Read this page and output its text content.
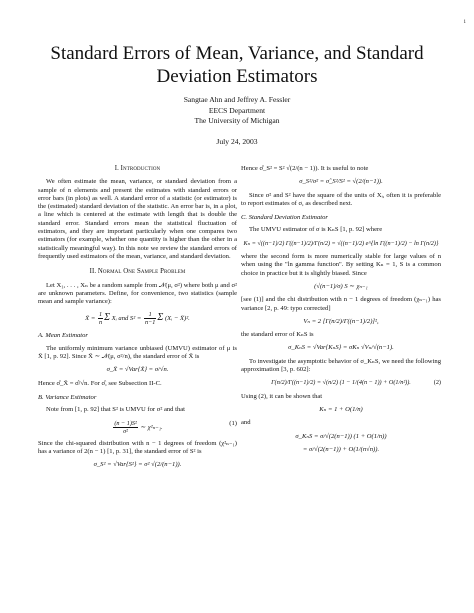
1
Standard Errors of Mean, Variance, and Standard Deviation Estimators
Sangtae Ahn and Jeffrey A. Fessler
EECS Department
The University of Michigan
July 24, 2003
I. Introduction

We often estimate the mean, variance, or standard deviation from a sample of n elements and present the estimates with standard errors or error bars (in plots) as well. A standard error of a statistic (or estimator) is the (estimated) standard deviation of the statistic. An error bar is, in a plot, a line which is centered at the estimate with length that is double the standard error. Standard errors mean the statistical fluctuation of estimators, and they are important particularly when one compares two estimators (for example, whether one quantity is higher than the other in a statistically meaningful way). In this note we review the standard errors of frequently used estimators of the mean, variance, and standard deviation.

II. Normal One Sample Problem

Let X₁, . . . , Xₙ be a random sample from 𝒩(μ, σ²) where both μ and σ² are unknown parameters. Define, for convenience, two statistics (sample mean and sample variance):

X̄ = $\frac{1}{n}$ Σ Xᵢ and $S^2 = \frac{1}{n-1}$ Σ (Xᵢ − X̄)².
A. Mean Estimator

The uniformly minimum variance unbiased (UMVU) estimator of μ is X̄ [1, p. 92]. Since X̄ ∼ 𝒩(μ, σ²/n), the standard error of X̄ is

σ_X̄ = √Var{X̄} = σ/√n.

Hence σ̂_X̄ = σ̂/√n. For σ̂, see Subsection II-C.

B. Variance Estimator

Note from [1, p. 92] that S² is UMVU for σ² and that

$\frac{\text{(n − 1)S²}}{\text{σ²}}$ ∼ χ²ₙ₋₁.
(1)

Since the chi-squared distribution with n − 1 degrees of freedom (χ²ₙ₋₁) has a variance of 2(n − 1) [1, p. 31], the standard error of S² is

σ_S² = √Var{S²} = σ² √(2/(n−1)).

Hence σ̂_S² = S² √(2/(n − 1)). It is useful to note

σ_S²/σ² = σ̂_S²/S² = √(2/(n−1)).

Since σ² and S² have the square of the units of Xᵢ, often it is preferable to report estimates of σ, as described next.

C. Standard Deviation Estimator

The UMVU estimator of σ is KₙS [1, p. 92] where

Kₙ = √((n−1)/2) Γ((n−1)/2)/Γ(n/2) = √((n−1)/2) e^{ln Γ((n−1)/2) − ln Γ(n/2)}

where the second form is more numerically stable for large values of n when using the "ln gamma function". By setting Kₙ = 1, S is a common choice in practice but it is slightly biased. Since

(√(n−1)/σ) S ∼ χₙ₋₁

[see (1)] and the chi distribution with n − 1 degrees of freedom (χₙ₋₁) has variance [2, p. 49: typo corrected]

Vₙ = 2 [Γ(n/2)/Γ((n−1)/2)]²,

the standard error of KₙS is

σ_KₙS = √Var{KₙS} = σKₙ √Vₙ/√(n−1).

To investigate the asymptotic behavior of σ_KₙS, we need the following approximation [3, p. 602]:

Γ(n/2)/Γ((n−1)/2) = √(n/2) (1 − 1/(4(n − 1)) + O(1/n²)).	(2)

Using (2), it can be shown that

Kₙ = 1 + O(1/n)

and

σ_KₙS = σ/√(2(n−1)) (1 + O(1/n))
= σ/√(2(n−1)) + O(1/(n√n)).
